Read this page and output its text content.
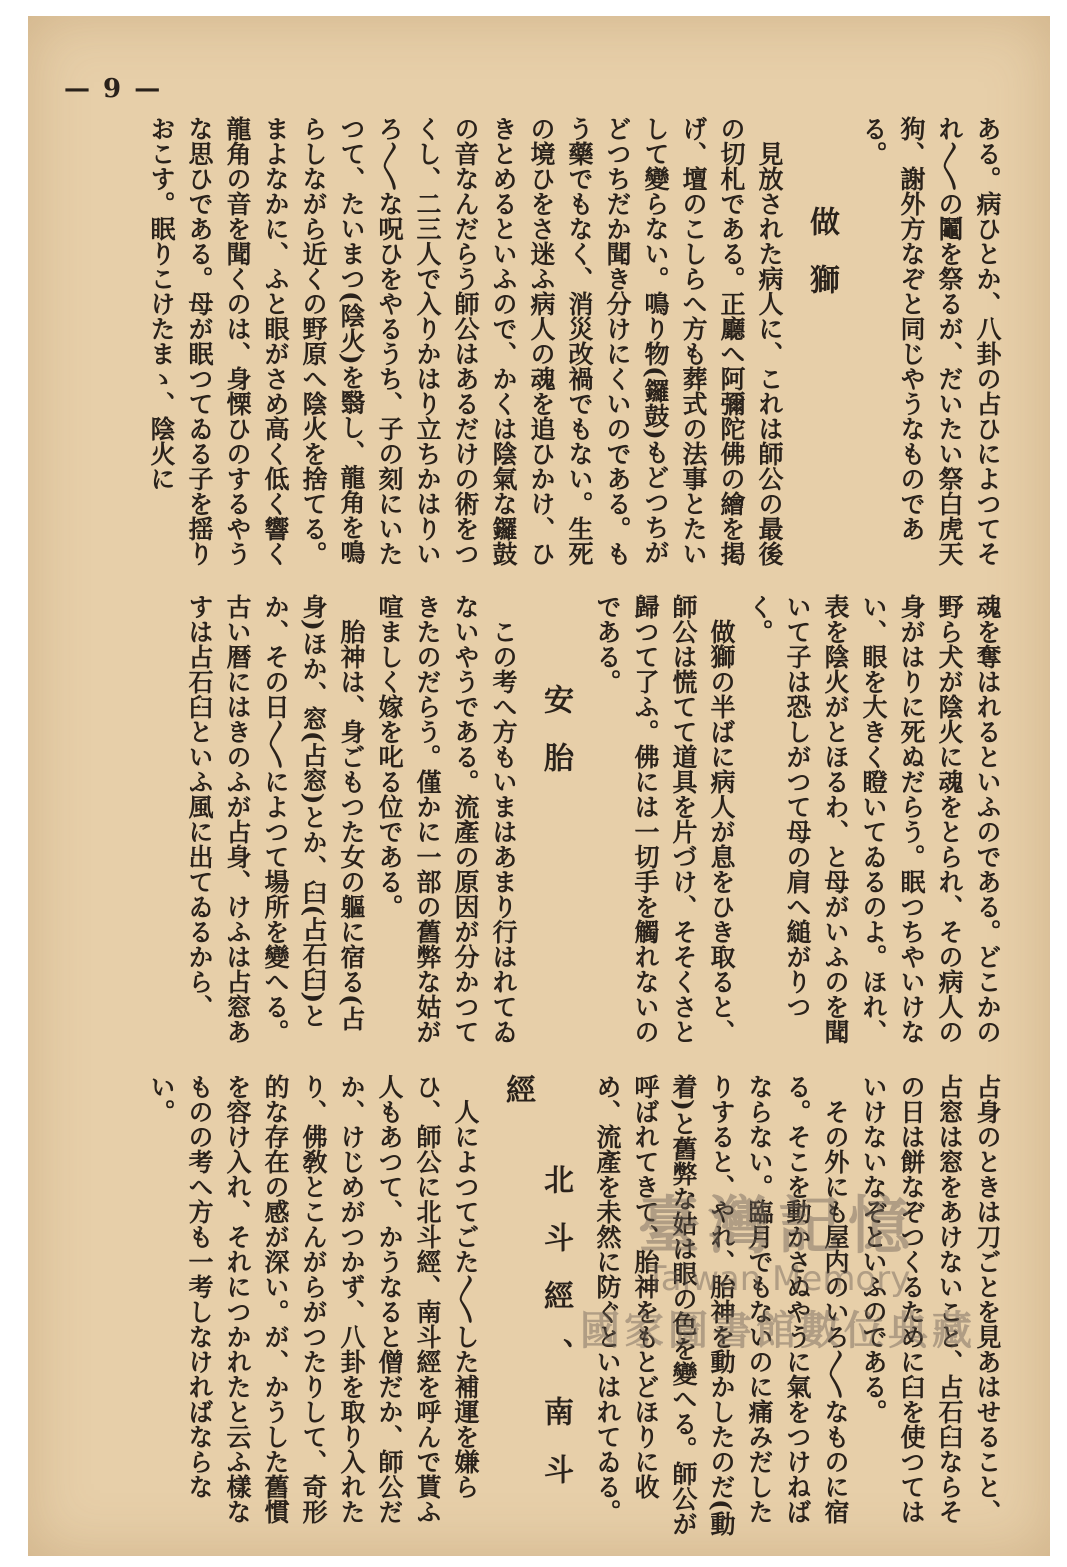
— 9 —

ある。病ひとか、八卦の占ひによつてそれ〳〵の鬮を祭るが、だいたい祭白虎天狗、謝外方なぞと同じやうなものである。

做獅

見放された病人に、これは師公の最後の切札である。正廳へ阿彌陀佛の繪を掲げ、壇のこしらへ方も葬式の法事とたいして變らない。鳴り物(鑼鼓)もどつちがどつちだか聞き分けにくいのである。もう藥でもなく、消災改禍でもない。生死の境ひをさ迷ふ病人の魂を追ひかけ、ひきとめるといふので、かくは陰氣な鑼鼓の音なんだらう師公はあるだけの術をつくし、二三人で入りかはり立ちかはりいろ〳〵な呪ひをやるうち、子の刻にいたつて、たいまつ(陰火)を翳し、龍角を鳴らしながら近くの野原へ陰火を捨てる。まよなかに、ふと眼がさめ高く低く響く龍角の音を聞くのは、身慄ひのするやうな思ひである。母が眠つてゐる子を揺りおこす。眠りこけたまゝ、陰火に

魂を奪はれるといふのである。どこかの野ら犬が陰火に魂をとられ、その病人の身がはりに死ぬだらう。眠つちやいけない、眼を大きく瞪いてゐるのよ。ほれ、表を陰火がとほるわ、と母がいふのを聞いて子は恐しがつて母の肩へ縋がりつく。

做獅の半ばに病人が息をひき取ると、師公は慌てて道具を片づけ、そそくさと歸つて了ふ。佛には一切手を觸れないのである。

安胎

この考へ方もいまはあまり行はれてゐないやうである。流產の原因が分かつてきたのだらう。僅かに一部の舊弊な姑が喧ましく嫁を叱る位である。

胎神は、身ごもつた女の軀に宿る(占身)ほか、窓(占窓)とか、臼(占石臼)とか、その日〳〵によつて場所を變へる。古い暦にはきのふが占身、けふは占窓あすは占石臼といふ風に出てゐるから、

占身のときは刀ごとを見あはせること、占窓は窓をあけないこと、占石臼ならその日は餅なぞつくるために臼を使つてはいけないなぞといふのである。

その外にも屋内のいろ〳〵なものに宿る。そこを動かさぬやうに氣をつけねばならない。臨月でもないのに痛みだしたりすると、やれ、胎神を動かしたのだ(動着)と舊弊な姑は眼の色を變へる。師公が呼ばれてきて、胎神をもとどほりに收め、流產を未然に防ぐといはれてゐる。

北斗經、南斗經

人によつてごた〳〵した補運を嫌らひ、師公に北斗經、南斗經を呼んで貰ふ人もあつて、かうなると僧だか、師公だか、けじめがつかず、八卦を取り入れたり、佛敎とこんがらがつたりして、奇形的な存在の感が深い。が、かうした舊慣を容け入れ、それにつかれたと云ふ樣なものの考へ方も一考しなければならない。

臺灣記憶
Taiwan Memory
國家圖書館數位典藏
